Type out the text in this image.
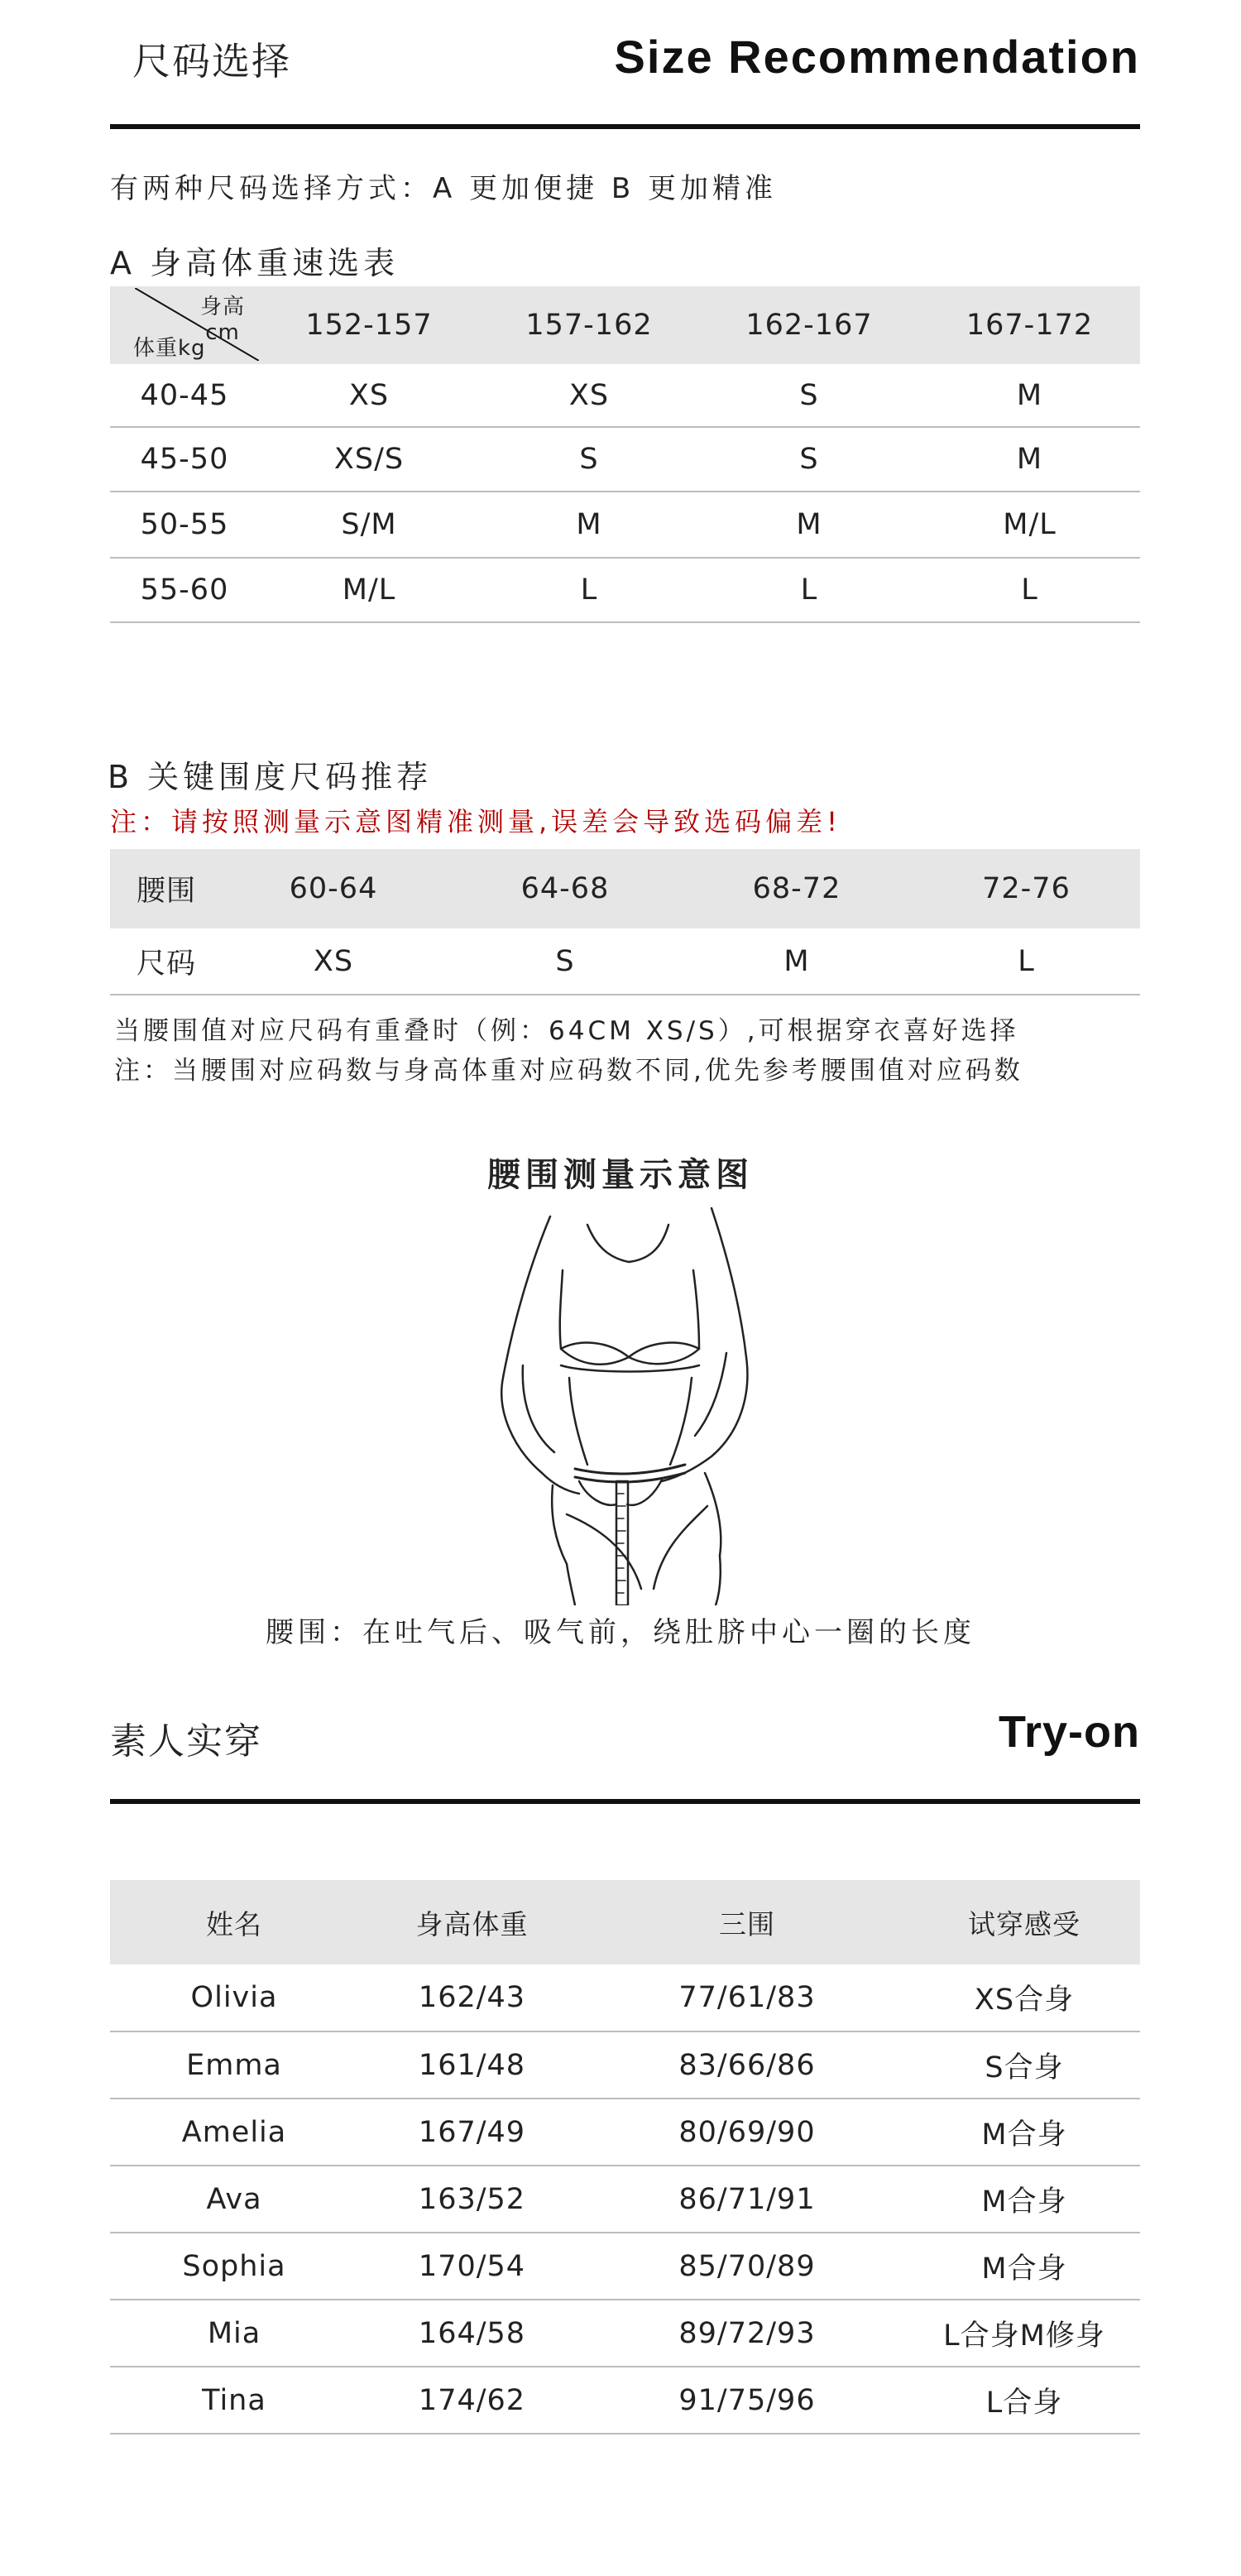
尺码选择	Size Recommendation
有两种尺码选择方式：A 更加便捷 B 更加精准
A 身高体重速选表
身高cm
体重kg	152-157	157-162	162-167	167-172
40-45	XS	XS	S	M
45-50	XS/S	S	S	M
50-55	S/M	M	M	M/L
55-60	M/L	L	L	L
B 关键围度尺码推荐
注：请按照测量示意图精准测量,误差会导致选码偏差!
腰围	60-64	64-68	68-72	72-76
尺码	XS	S	M	L
当腰围值对应尺码有重叠时（例：64CM XS/S）,可根据穿衣喜好选择
注：当腰围对应码数与身高体重对应码数不同,优先参考腰围值对应码数
腰围测量示意图
腰围：在吐气后、吸气前，绕肚脐中心一圈的长度
素人实穿	Try-on
姓名	身高体重	三围	试穿感受
Olivia	162/43	77/61/83	XS合身
Emma	161/48	83/66/86	S合身
Amelia	167/49	80/69/90	M合身
Ava	163/52	86/71/91	M合身
Sophia	170/54	85/70/89	M合身
Mia	164/58	89/72/93	L合身M修身
Tina	174/62	91/75/96	L合身
